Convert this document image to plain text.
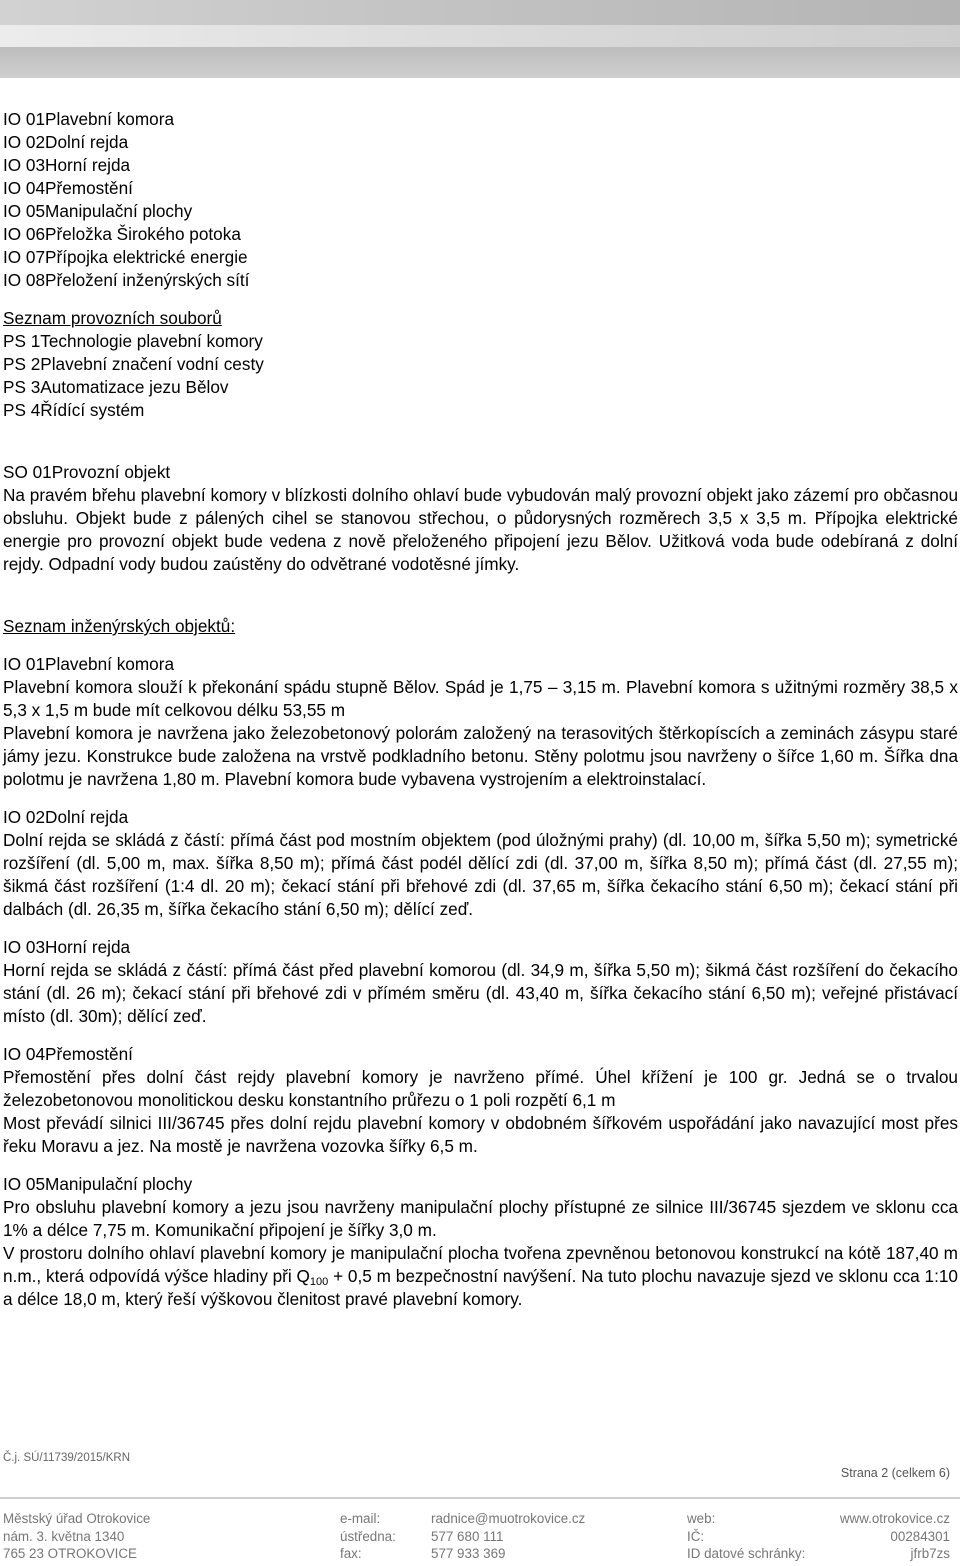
IO 01Plavební komora
IO 02Dolní rejda
IO 03Horní rejda
IO 04Přemostění
IO 05Manipulační plochy
IO 06Přeložka Širokého potoka
IO 07Přípojka elektrické energie
IO 08Přeložení inženýrských sítí
Seznam provozních souborů
PS 1Technologie plavební komory
PS 2Plavební značení vodní cesty
PS 3Automatizace jezu Bělov
PS 4Řídící systém
SO 01Provozní objekt

Na pravém břehu plavební komory v blízkosti dolního ohlaví bude vybudován malý provozní objekt jako zázemí pro občasnou obsluhu. Objekt bude z pálených cihel se stanovou střechou, o půdorysných rozměrech 3,5 x 3,5 m. Přípojka elektrické energie pro provozní objekt bude vedena z nově přeloženého připojení jezu Bělov. Užitková voda bude odebíraná z dolní rejdy. Odpadní vody budou zaústěny do odvětrané vodotěsné jímky.

Seznam inženýrských objektů:
IO 01Plavební komora

Plavební komora slouží k překonání spádu stupně Bělov. Spád je 1,75 – 3,15 m. Plavební komora s užitnými rozměry 38,5 x 5,3 x 1,5 m bude mít celkovou délku 53,55 m

Plavební komora je navržena jako železobetonový polorám založený na terasovitých štěrkopíscích a zeminách zásypu staré jámy jezu. Konstrukce bude založena na vrstvě podkladního betonu. Stěny polotmu jsou navrženy o šířce 1,60 m. Šířka dna polotmu je navržena 1,80 m. Plavební komora bude vybavena vystrojením a elektroinstalací.

IO 02Dolní rejda

Dolní rejda se skládá z částí: přímá část pod mostním objektem (pod úložnými prahy) (dl. 10,00 m, šířka 5,50 m); symetrické rozšíření (dl. 5,00 m, max. šířka 8,50 m); přímá část podél dělící zdi (dl. 37,00 m, šířka 8,50 m); přímá část (dl. 27,55 m); šikmá část rozšíření (1:4 dl. 20 m); čekací stání při břehové zdi (dl. 37,65 m, šířka čekacího stání 6,50 m); čekací stání při dalbách (dl. 26,35 m, šířka čekacího stání 6,50 m); dělící zeď.

IO 03Horní rejda

Horní rejda se skládá z částí: přímá část před plavební komorou (dl. 34,9 m, šířka 5,50 m); šikmá část rozšíření do čekacího stání (dl. 26 m); čekací stání při břehové zdi v přímém směru (dl. 43,40 m, šířka čekacího stání 6,50 m); veřejné přistávací místo (dl. 30m); dělící zeď.

IO 04Přemostění

Přemostění přes dolní část rejdy plavební komory je navrženo přímé. Úhel křížení je 100 gr. Jedná se o trvalou železobetonovou monolitickou desku konstantního průřezu o 1 poli rozpětí 6,1 m

Most převádí silnici III/36745 přes dolní rejdu plavební komory v obdobném šířkovém uspořádání jako navazující most přes řeku Moravu a jez. Na mostě je navržena vozovka šířky 6,5 m.

IO 05Manipulační plochy

Pro obsluhu plavební komory a jezu jsou navrženy manipulační plochy přístupné ze silnice III/36745 sjezdem ve sklonu cca 1% a délce 7,75 m. Komunikační připojení je šířky 3,0 m.

V prostoru dolního ohlaví plavební komory je manipulační plocha tvořena zpevněnou betonovou konstrukcí na kótě 187,40 m n.m., která odpovídá výšce hladiny při $Q_{100} + 0,5$ m bezpečnostní navýšení. Na tuto plochu navazuje sjezd ve sklonu cca 1:10 a délce 18,0 m, který řeší výškovou členitost pravé plavební komory.

Č.j. SÚ/11739/2015/KRN
Strana 2 (celkem 6)
Městský úřad Otrokovice
nám. 3. května 1340
765 23 OTROKOVICE
e-mail:
ústředna:
fax:
radnice@muotrokovice.cz
577 680 111
577 933 369
web:
IČ:
ID datové schránky:
www.otrokovice.cz
00284301
jfrb7zs
